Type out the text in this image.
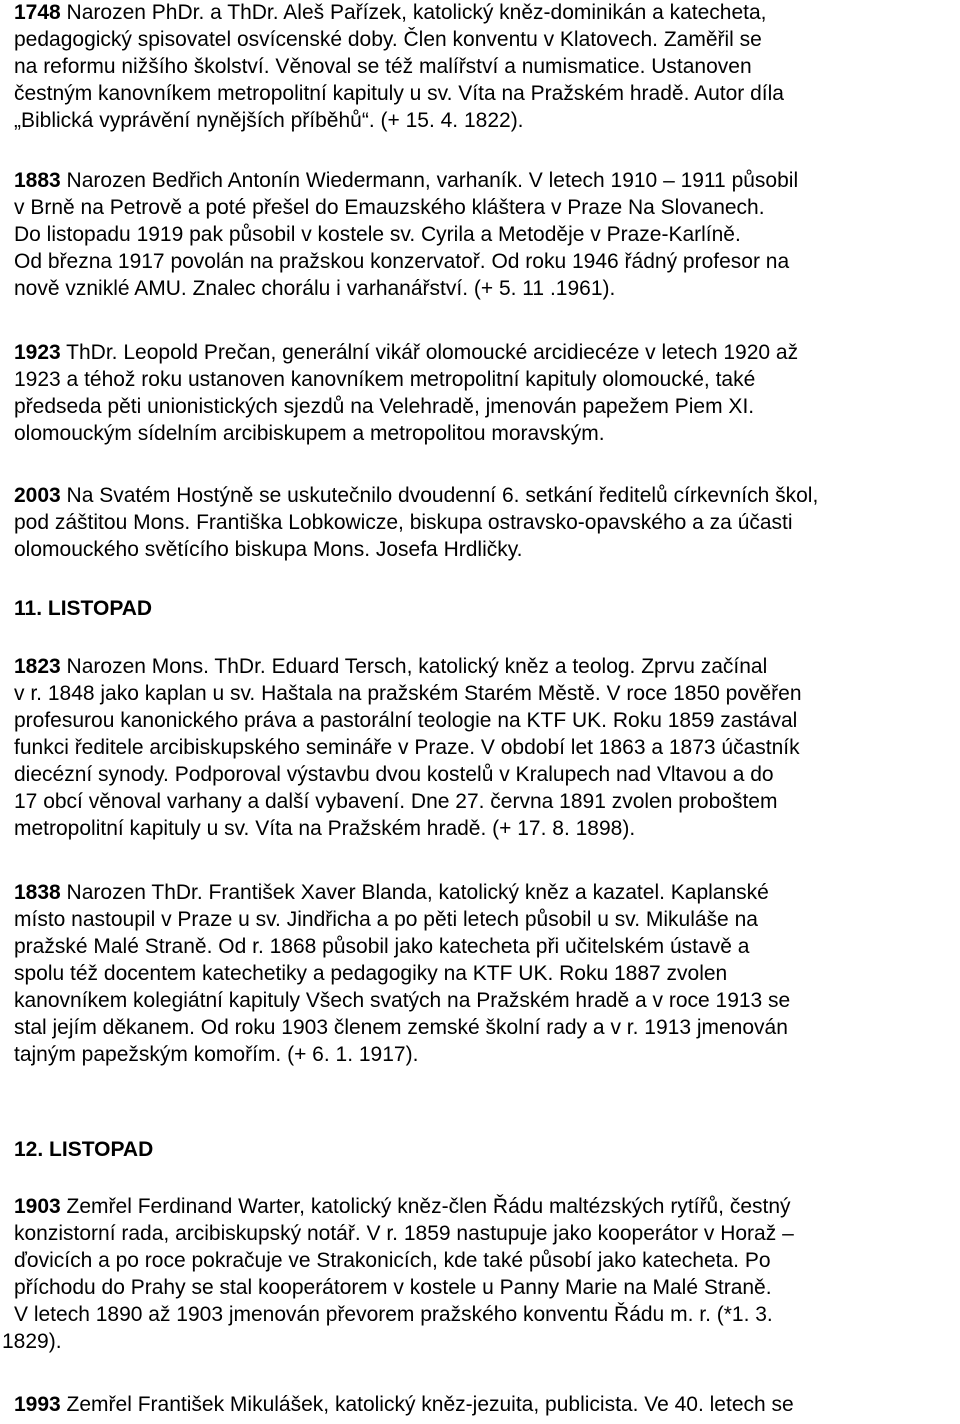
1748 Narozen PhDr. a ThDr. Aleš Pařízek, katolický kněz-dominikán a katecheta,
pedagogický spisovatel osvícenské doby. Člen konventu v Klatovech. Zaměřil se
na reformu nižšího školství. Věnoval se též malířství a numismatice. Ustanoven
čestným kanovníkem metropolitní kapituly u sv. Víta na Pražském hradě. Autor díla
„Biblická vyprávění nynějších příběhů“. (+ 15. 4. 1822).
1883 Narozen Bedřich Antonín Wiedermann, varhaník. V letech 1910 – 1911 působil
v Brně na Petrově a poté přešel do Emauzského kláštera v Praze Na Slovanech.
Do listopadu 1919 pak působil v kostele sv. Cyrila a Metoděje v Praze-Karlíně.
Od března 1917 povolán na pražskou konzervatoř. Od roku 1946 řádný profesor na
nově vzniklé AMU. Znalec chorálu i varhanářství. (+ 5. 11 .1961).
1923 ThDr. Leopold Prečan, generální vikář olomoucké arcidiecéze v letech 1920 až
1923 a téhož roku ustanoven kanovníkem metropolitní kapituly olomoucké, také
předseda pěti unionistických sjezdů na Velehradě, jmenován papežem Piem XI.
olomouckým sídelním arcibiskupem a metropolitou moravským.
2003 Na Svatém Hostýně se uskutečnilo dvoudenní 6. setkání ředitelů církevních škol,
pod záštitou Mons. Františka Lobkowicze, biskupa ostravsko-opavského a za účasti
olomouckého světícího biskupa Mons. Josefa Hrdličky.
11. LISTOPAD
1823 Narozen Mons. ThDr. Eduard Tersch, katolický kněz a teolog. Zprvu začínal
v r. 1848 jako kaplan u sv. Haštala na pražském Starém Městě. V roce 1850 pověřen
profesurou kanonického práva a pastorální teologie na KTF UK. Roku 1859 zastával
funkci ředitele arcibiskupského semináře v Praze. V období let 1863 a 1873 účastník
diecézní synody. Podporoval výstavbu dvou kostelů v Kralupech nad Vltavou a do
17 obcí věnoval varhany a další vybavení. Dne 27. června 1891 zvolen proboštem
metropolitní kapituly u sv. Víta na Pražském hradě. (+ 17. 8. 1898).
1838 Narozen ThDr. František Xaver Blanda, katolický kněz a kazatel. Kaplanské
místo nastoupil v Praze u sv. Jindřicha a po pěti letech působil u sv. Mikuláše na
pražské Malé Straně. Od r. 1868 působil jako katecheta při učitelském ústavě a
spolu též docentem katechetiky a pedagogiky na KTF UK. Roku 1887 zvolen
kanovníkem kolegiátní kapituly Všech svatých na Pražském hradě a v roce 1913 se
stal jejím děkanem. Od roku 1903 členem zemské školní rady a v r. 1913 jmenován
tajným papežským komořím. (+ 6. 1. 1917).
12. LISTOPAD
1903 Zemřel Ferdinand Warter, katolický kněz-člen Řádu maltézských rytířů, čestný
konzistorní rada, arcibiskupský notář. V r. 1859 nastupuje jako kooperátor v Horaž –
ďovicích a po roce pokračuje ve Strakonicích, kde také působí jako katecheta. Po
příchodu do Prahy se stal kooperátorem v kostele u Panny Marie na Malé Straně.
V letech 1890 až 1903 jmenován převorem pražského konventu Řádu m. r. (*1. 3.
1829).
1993 Zemřel František Mikulášek, katolický kněz-jezuita, publicista. Ve 40. letech se
